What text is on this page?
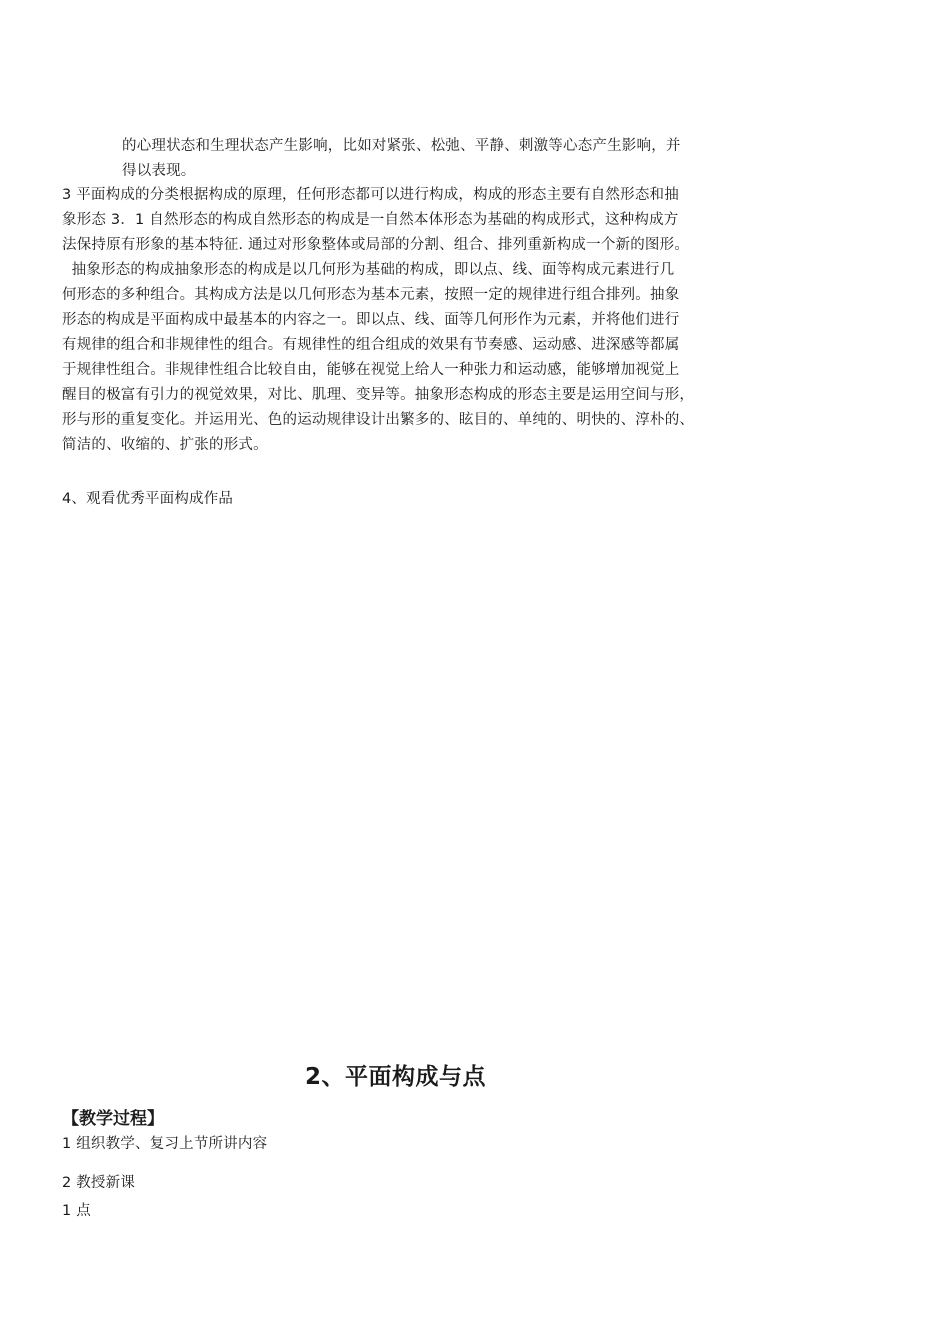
的心理状态和生理状态产生影响，比如对紧张、松弛、平静、刺激等心态产生影响，并
得以表现。
3 平面构成的分类根据构成的原理，任何形态都可以进行构成，构成的形态主要有自然形态和抽
象形态 3．1 自然形态的构成自然形态的构成是一自然本体形态为基础的构成形式，这种构成方
法保持原有形象的基本特征. 通过对形象整体或局部的分割、组合、排列重新构成一个新的图形。
抽象形态的构成抽象形态的构成是以几何形为基础的构成，即以点、线、面等构成元素进行几
何形态的多种组合。其构成方法是以几何形态为基本元素，按照一定的规律进行组合排列。抽象
形态的构成是平面构成中最基本的内容之一。即以点、线、面等几何形作为元素，并将他们进行
有规律的组合和非规律性的组合。有规律性的组合组成的效果有节奏感、运动感、进深感等都属
于规律性组合。非规律性组合比较自由，能够在视觉上给人一种张力和运动感，能够增加视觉上
醒目的极富有引力的视觉效果，对比、肌理、变异等。抽象形态构成的形态主要是运用空间与形，
形与形的重复变化。并运用光、色的运动规律设计出繁多的、眩目的、单纯的、明快的、淳朴的、
简洁的、收缩的、扩张的形式。
4、观看优秀平面构成作品
2、平面构成与点
【教学过程】
1 组织教学、复习上节所讲内容
2 教授新课
1 点
